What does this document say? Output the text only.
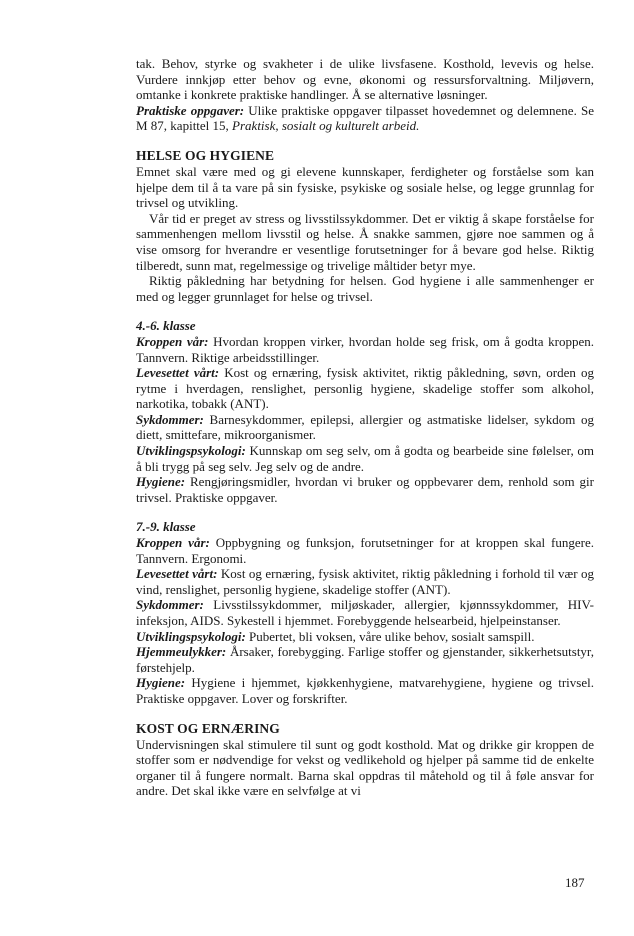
tak. Behov, styrke og svakheter i de ulike livsfasene. Kosthold, levevis og helse. Vurdere innkjøp etter behov og evne, økonomi og ressursforvaltning. Miljøvern, omtanke i konkrete praktiske handlinger. Å se alternative løsninger.

Praktiske oppgaver: Ulike praktiske oppgaver tilpasset hovedemnet og delemnene. Se M 87, kapittel 15, Praktisk, sosialt og kulturelt arbeid.

HELSE OG HYGIENE

Emnet skal være med og gi elevene kunnskaper, ferdigheter og forståelse som kan hjelpe dem til å ta vare på sin fysiske, psykiske og sosiale helse, og legge grunnlag for trivsel og utvikling.

Vår tid er preget av stress og livsstilssykdommer. Det er viktig å skape forståelse for sammenhengen mellom livsstil og helse. Å snakke sammen, gjøre noe sammen og å vise omsorg for hverandre er vesentlige forutsetninger for å bevare god helse. Riktig tilberedt, sunn mat, regelmessige og trivelige måltider betyr mye.

Riktig påkledning har betydning for helsen. God hygiene i alle sammenhenger er med og legger grunnlaget for helse og trivsel.

4.-6. klasse

Kroppen vår: Hvordan kroppen virker, hvordan holde seg frisk, om å godta kroppen. Tannvern. Riktige arbeidsstillinger.

Levesettet vårt: Kost og ernæring, fysisk aktivitet, riktig påkledning, søvn, orden og rytme i hverdagen, renslighet, personlig hygiene, skadelige stoffer som alkohol, narkotika, tobakk (ANT).

Sykdommer: Barnesykdommer, epilepsi, allergier og astmatiske lidelser, sykdom og diett, smittefare, mikroorganismer.

Utviklingspsykologi: Kunnskap om seg selv, om å godta og bearbeide sine følelser, om å bli trygg på seg selv. Jeg selv og de andre.

Hygiene: Rengjøringsmidler, hvordan vi bruker og oppbevarer dem, renhold som gir trivsel. Praktiske oppgaver.

7.-9. klasse

Kroppen vår: Oppbygning og funksjon, forutsetninger for at kroppen skal fungere. Tannvern. Ergonomi.

Levesettet vårt: Kost og ernæring, fysisk aktivitet, riktig påkledning i forhold til vær og vind, renslighet, personlig hygiene, skadelige stoffer (ANT).

Sykdommer: Livsstilssykdommer, miljøskader, allergier, kjønnssykdommer, HIV-infeksjon, AIDS. Sykestell i hjemmet. Forebyggende helsearbeid, hjelpeinstanser.

Utviklingspsykologi: Pubertet, bli voksen, våre ulike behov, sosialt samspill.

Hjemmeulykker: Årsaker, forebygging. Farlige stoffer og gjenstander, sikkerhetsutstyr, førstehjelp.

Hygiene: Hygiene i hjemmet, kjøkkenhygiene, matvarehygiene, hygiene og trivsel. Praktiske oppgaver. Lover og forskrifter.

KOST OG ERNÆRING

Undervisningen skal stimulere til sunt og godt kosthold. Mat og drikke gir kroppen de stoffer som er nødvendige for vekst og vedlikehold og hjelper på samme tid de enkelte organer til å fungere normalt. Barna skal oppdras til måtehold og til å føle ansvar for andre. Det skal ikke være en selvfølge at vi

187
